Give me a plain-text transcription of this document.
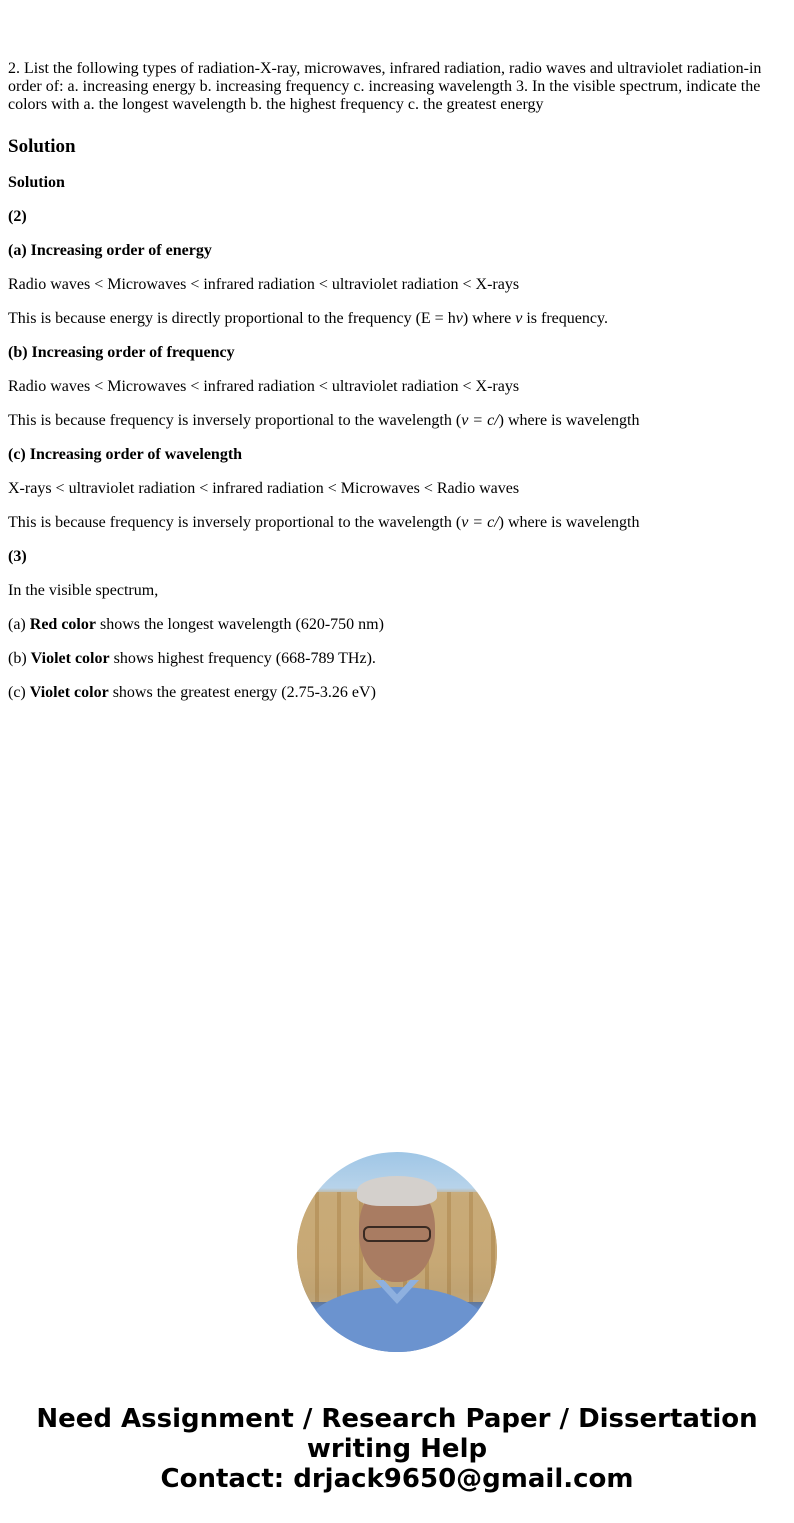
2. List the following types of radiation-X-ray, microwaves, infrared radiation, radio waves and ultraviolet radiation-in order of: a. increasing energy b. increasing frequency c. increasing wavelength 3. In the visible spectrum, indicate the colors with a. the longest wavelength b. the highest frequency c. the greatest energy

Solution

Solution

(2)

(a) Increasing order of energy

Radio waves < Microwaves < infrared radiation < ultraviolet radiation < X-rays

This is because energy is directly proportional to the frequency (E = hv) where v is frequency.

(b) Increasing order of frequency

Radio waves < Microwaves < infrared radiation < ultraviolet radiation < X-rays

This is because frequency is inversely proportional to the wavelength (v = c/) where is wavelength

(c) Increasing order of wavelength

X-rays < ultraviolet radiation < infrared radiation < Microwaves < Radio waves

This is because frequency is inversely proportional to the wavelength (v = c/) where is wavelength

(3)

In the visible spectrum,

(a) Red color shows the longest wavelength (620-750 nm)

(b) Violet color shows highest frequency (668-789 THz).

(c) Violet color shows the greatest energy (2.75-3.26 eV)

Need Assignment / Research Paper / Dissertation
writing Help
Contact: drjack9650@gmail.com
